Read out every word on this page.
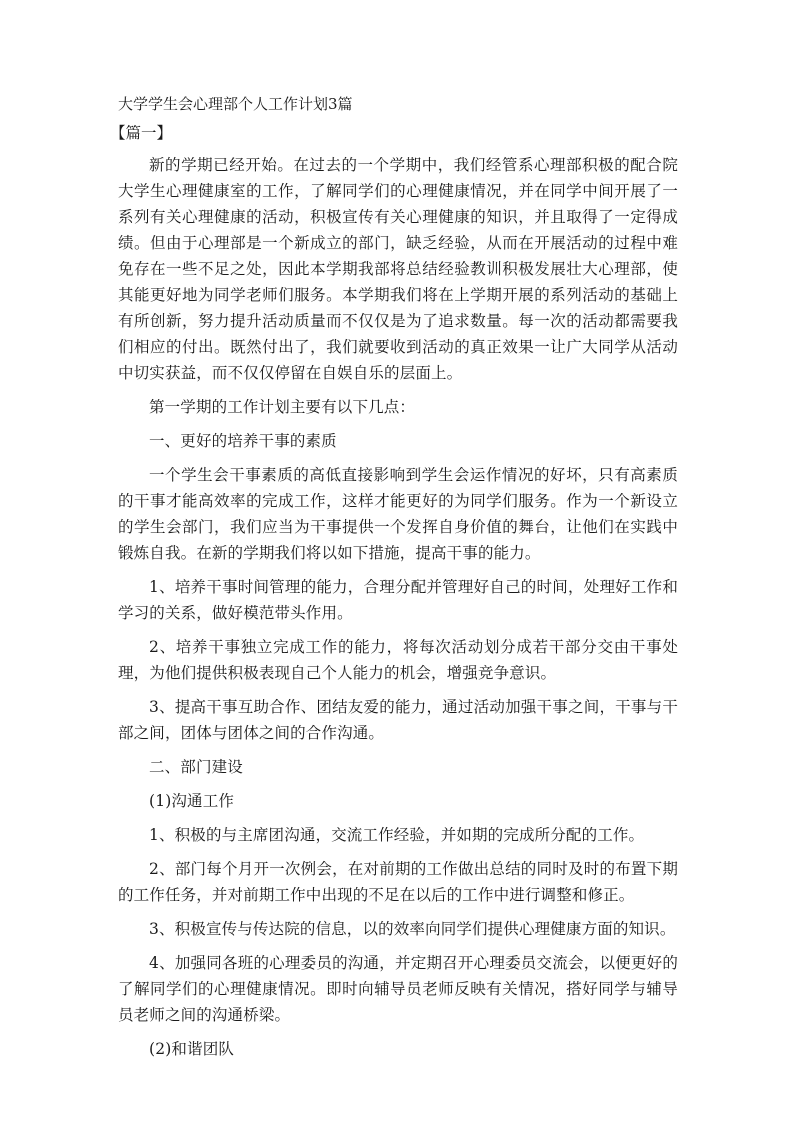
大学学生会心理部个人工作计划3篇
【篇一】

新的学期已经开始。在过去的一个学期中，我们经管系心理部积极的配合院大学生心理健康室的工作，了解同学们的心理健康情况，并在同学中间开展了一系列有关心理健康的活动，积极宣传有关心理健康的知识，并且取得了一定得成绩。但由于心理部是一个新成立的部门，缺乏经验，从而在开展活动的过程中难免存在一些不足之处，因此本学期我部将总结经验教训积极发展壮大心理部，使其能更好地为同学老师们服务。本学期我们将在上学期开展的系列活动的基础上有所创新，努力提升活动质量而不仅仅是为了追求数量。每一次的活动都需要我们相应的付出。既然付出了，我们就要收到活动的真正效果一让广大同学从活动中切实获益，而不仅仅停留在自娱自乐的层面上。

第一学期的工作计划主要有以下几点：

一、更好的培养干事的素质

一个学生会干事素质的高低直接影响到学生会运作情况的好坏，只有高素质的干事才能高效率的完成工作，这样才能更好的为同学们服务。作为一个新设立的学生会部门，我们应当为干事提供一个发挥自身价值的舞台，让他们在实践中锻炼自我。在新的学期我们将以如下措施，提高干事的能力。

1、培养干事时间管理的能力，合理分配并管理好自己的时间，处理好工作和学习的关系，做好模范带头作用。

2、培养干事独立完成工作的能力，将每次活动划分成若干部分交由干事处理，为他们提供积极表现自己个人能力的机会，增强竞争意识。

3、提高干事互助合作、团结友爱的能力，通过活动加强干事之间，干事与干部之间，团体与团体之间的合作沟通。

二、部门建设

(1)沟通工作

1、积极的与主席团沟通，交流工作经验，并如期的完成所分配的工作。

2、部门每个月开一次例会，在对前期的工作做出总结的同时及时的布置下期的工作任务，并对前期工作中出现的不足在以后的工作中进行调整和修正。

3、积极宣传与传达院的信息，以的效率向同学们提供心理健康方面的知识。

4、加强同各班的心理委员的沟通，并定期召开心理委员交流会，以便更好的了解同学们的心理健康情况。即时向辅导员老师反映有关情况，搭好同学与辅导员老师之间的沟通桥梁。

(2)和谐团队
